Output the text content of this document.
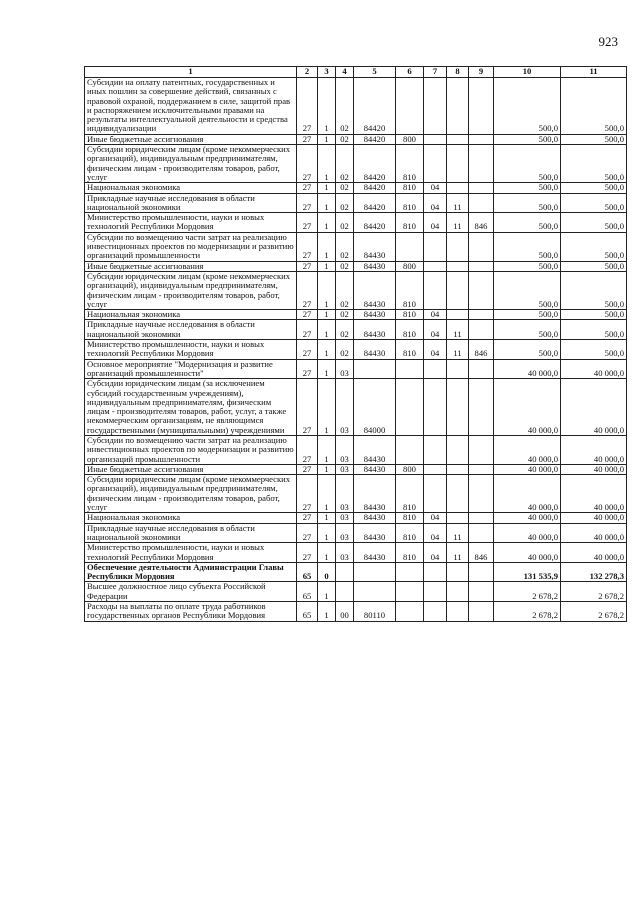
923
1	2	3	4	5	6	7	8	9	10	11
Субсидии на оплату патентных, государственных и иных пошлин за совершение действий, связанных с правовой охраной, поддержанием в силе, защитой прав и распоряжением исключительными правами на результаты интеллектуальной деятельности и средства индивидуализации	27	1	02	84420					500,0	500,0
Иные бюджетные ассигнования	27	1	02	84420	800				500,0	500,0
Субсидии юридическим лицам (кроме некоммерческих организаций), индивидуальным предпринимателям, физическим лицам - производителям товаров, работ, услуг	27	1	02	84420	810				500,0	500,0
Национальная экономика	27	1	02	84420	810	04			500,0	500,0
Прикладные научные исследования в области национальной экономики	27	1	02	84420	810	04	11		500,0	500,0
Министерство промышленности, науки и новых технологий Республики Мордовия	27	1	02	84420	810	04	11	846	500,0	500,0
Субсидии по возмещению части затрат на реализацию инвестиционных проектов по модернизации и развитию организаций промышленности	27	1	02	84430					500,0	500,0
Иные бюджетные ассигнования	27	1	02	84430	800				500,0	500,0
Субсидии юридическим лицам (кроме некоммерческих организаций), индивидуальным предпринимателям, физическим лицам - производителям товаров, работ, услуг	27	1	02	84430	810				500,0	500,0
Национальная экономика	27	1	02	84430	810	04			500,0	500,0
Прикладные научные исследования в области национальной экономики	27	1	02	84430	810	04	11		500,0	500,0
Министерство промышленности, науки и новых технологий Республики Мордовия	27	1	02	84430	810	04	11	846	500,0	500,0
Основное мероприятие "Модернизация и развитие организаций промышленности"	27	1	03						40 000,0	40 000,0
Субсидии юридическим лицам (за исключением субсидий государственным учреждениям), индивидуальным предпринимателям, физическим лицам - производителям товаров, работ, услуг, а также некоммерческим организациям, не являющимся государственными (муниципальными) учреждениями	27	1	03	84000					40 000,0	40 000,0
Субсидии по возмещению части затрат на реализацию инвестиционных проектов по модернизации и развитию организаций промышленности	27	1	03	84430					40 000,0	40 000,0
Иные бюджетные ассигнования	27	1	03	84430	800				40 000,0	40 000,0
Субсидии юридическим лицам (кроме некоммерческих организаций), индивидуальным предпринимателям, физическим лицам - производителям товаров, работ, услуг	27	1	03	84430	810				40 000,0	40 000,0
Национальная экономика	27	1	03	84430	810	04			40 000,0	40 000,0
Прикладные научные исследования в области национальной экономики	27	1	03	84430	810	04	11		40 000,0	40 000,0
Министерство промышленности, науки и новых технологий Республики Мордовия	27	1	03	84430	810	04	11	846	40 000,0	40 000,0
Обеспечение деятельности Администрации Главы Республики Мордовия	65	0							131 535,9	132 278,3
Высшее должностное лицо субъекта Российской Федерации	65	1							2 678,2	2 678,2
Расходы на выплаты по оплате труда работников государственных органов Республики Мордовия	65	1	00	80110					2 678,2	2 678,2
